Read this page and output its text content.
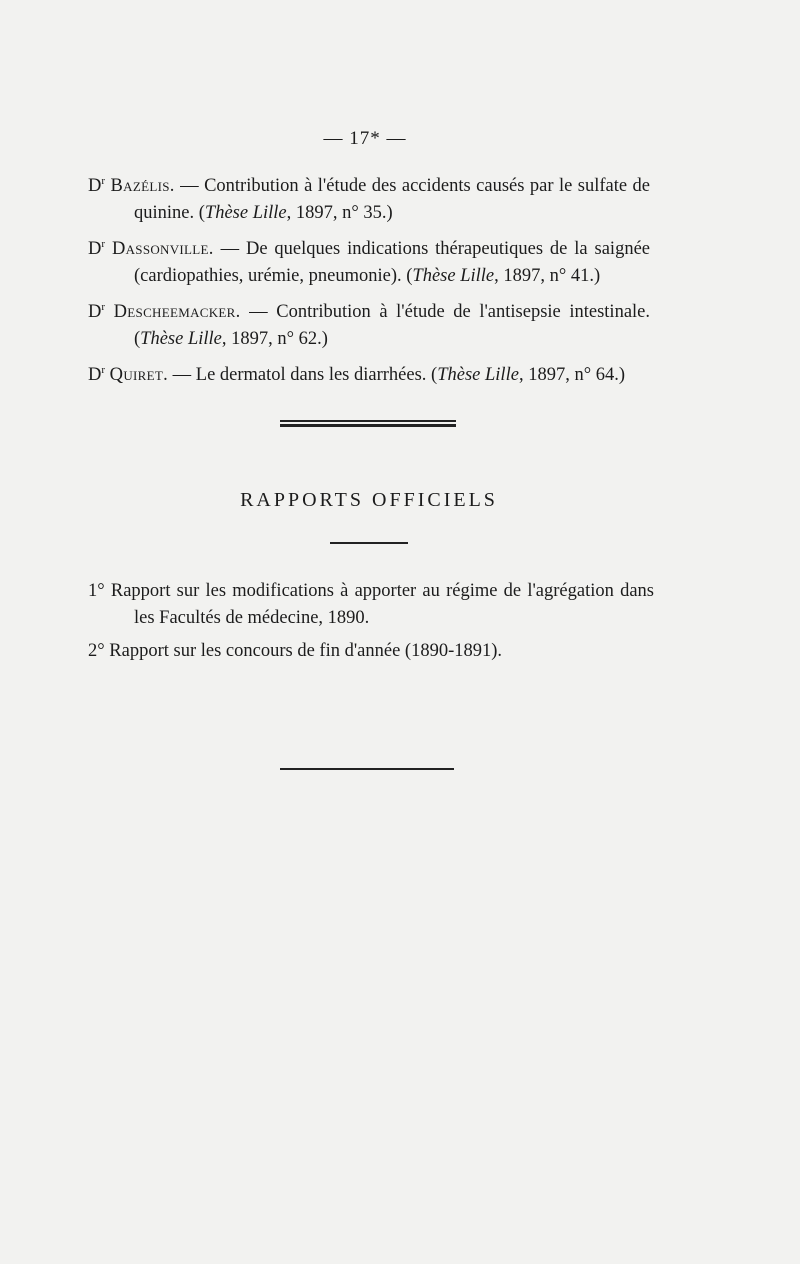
— 17* —

$D^r$ Bazélis. — Contribution à l'étude des accidents causés par le sulfate de quinine. (Thèse Lille, 1897, n° 35.)

$D^r$ Dassonville. — De quelques indications thérapeutiques de la saignée (cardiopathies, urémie, pneumonie). (Thèse Lille, 1897, n° 41.)

$D^r$ Descheemacker. — Contribution à l'étude de l'antisepsie intestinale. (Thèse Lille, 1897, n° 62.)

$D^r$ Quiret. — Le dermatol dans les diarrhées. (Thèse Lille, 1897, n° 64.)

RAPPORTS OFFICIELS

1° Rapport sur les modifications à apporter au régime de l'agrégation dans les Facultés de médecine, 1890.

2° Rapport sur les concours de fin d'année (1890-1891).
